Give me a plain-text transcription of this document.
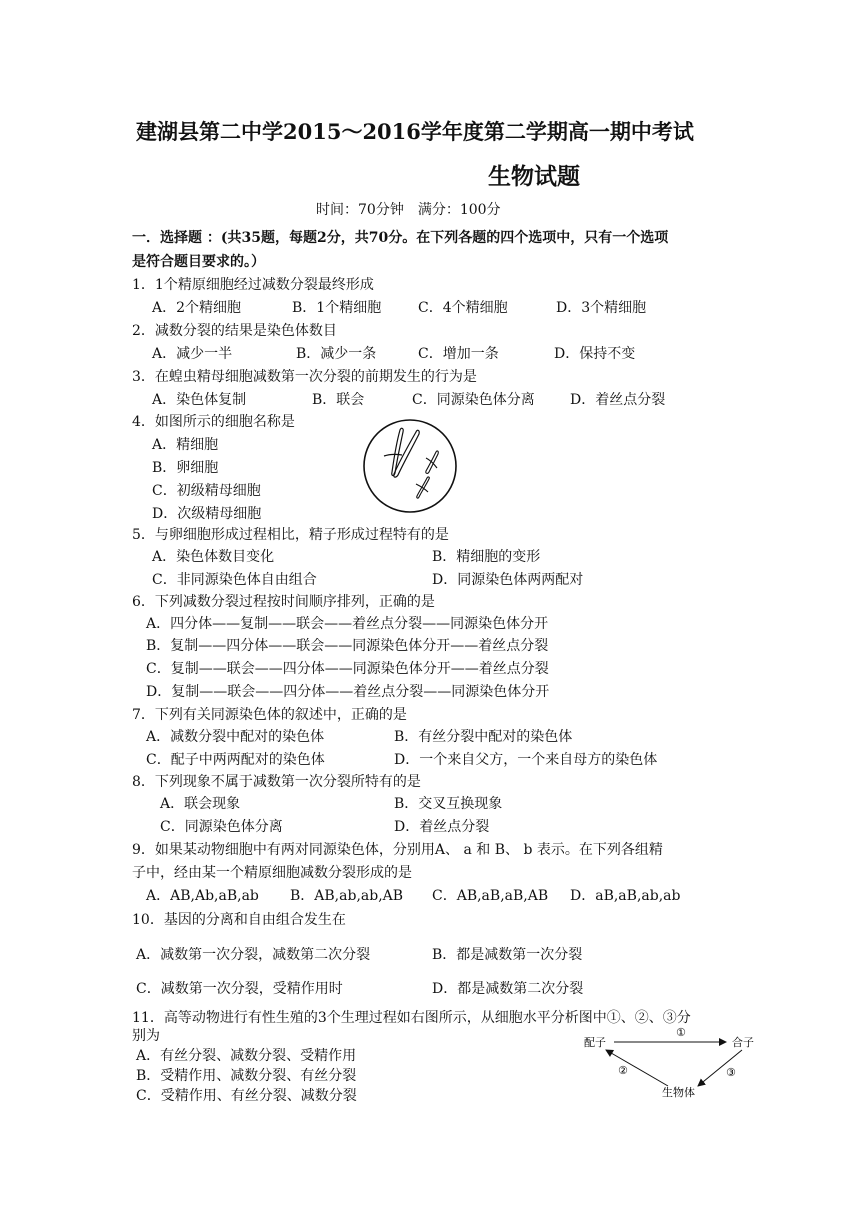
建湖县第二中学2015～2016学年度第二学期高一期中考试
生物试题
时间：70分钟　满分：100分
一．选择题 ：(共35题，每题2分，共70分。在下列各题的四个选项中，只有一个选项
是符合题目要求的。）
1．1个精原细胞经过减数分裂最终形成
A．2个精细胞	B．1个精细胞	C．4个精细胞	D．3个精细胞
2．减数分裂的结果是染色体数目
A．减少一半	B．减少一条	C．增加一条	D．保持不变
3．在蝗虫精母细胞减数第一次分裂的前期发生的行为是
A．染色体复制	B．联会	C．同源染色体分离	D．着丝点分裂
4．如图所示的细胞名称是
A．精细胞
B．卵细胞
C．初级精母细胞
D．次级精母细胞
5．与卵细胞形成过程相比，精子形成过程特有的是
A．染色体数目变化	B．精细胞的变形
C．非同源染色体自由组合	D．同源染色体两两配对
6．下列减数分裂过程按时间顺序排列，正确的是
A．四分体——复制——联会——着丝点分裂——同源染色体分开
B．复制——四分体——联会——同源染色体分开——着丝点分裂
C．复制——联会——四分体——同源染色体分开——着丝点分裂
D．复制——联会——四分体——着丝点分裂——同源染色体分开
7．下列有关同源染色体的叙述中，正确的是
A．减数分裂中配对的染色体	B．有丝分裂中配对的染色体
C．配子中两两配对的染色体	D．一个来自父方，一个来自母方的染色体
8．下列现象不属于减数第一次分裂所特有的是
A．联会现象	B．交叉互换现象
C．同源染色体分离	D．着丝点分裂
9．如果某动物细胞中有两对同源染色体，分别用A、 a 和 B、 b 表示。在下列各组精
子中，经由某一个精原细胞减数分裂形成的是
A．AB,Ab,aB,ab B．AB,ab,ab,AB C．AB,aB,aB,AB D．aB,aB,ab,ab
10．基因的分离和自由组合发生在
A．减数第一次分裂，减数第二次分裂	B．都是减数第一次分裂
C．减数第一次分裂，受精作用时	D．都是减数第二次分裂
11．高等动物进行有性生殖的3个生理过程如右图所示，从细胞水平分析图中①、②、③分
别为
A．有丝分裂、减数分裂、受精作用
B．受精作用、减数分裂、有丝分裂
C．受精作用、有丝分裂、减数分裂
配子	合子
生物体
①
②	③
